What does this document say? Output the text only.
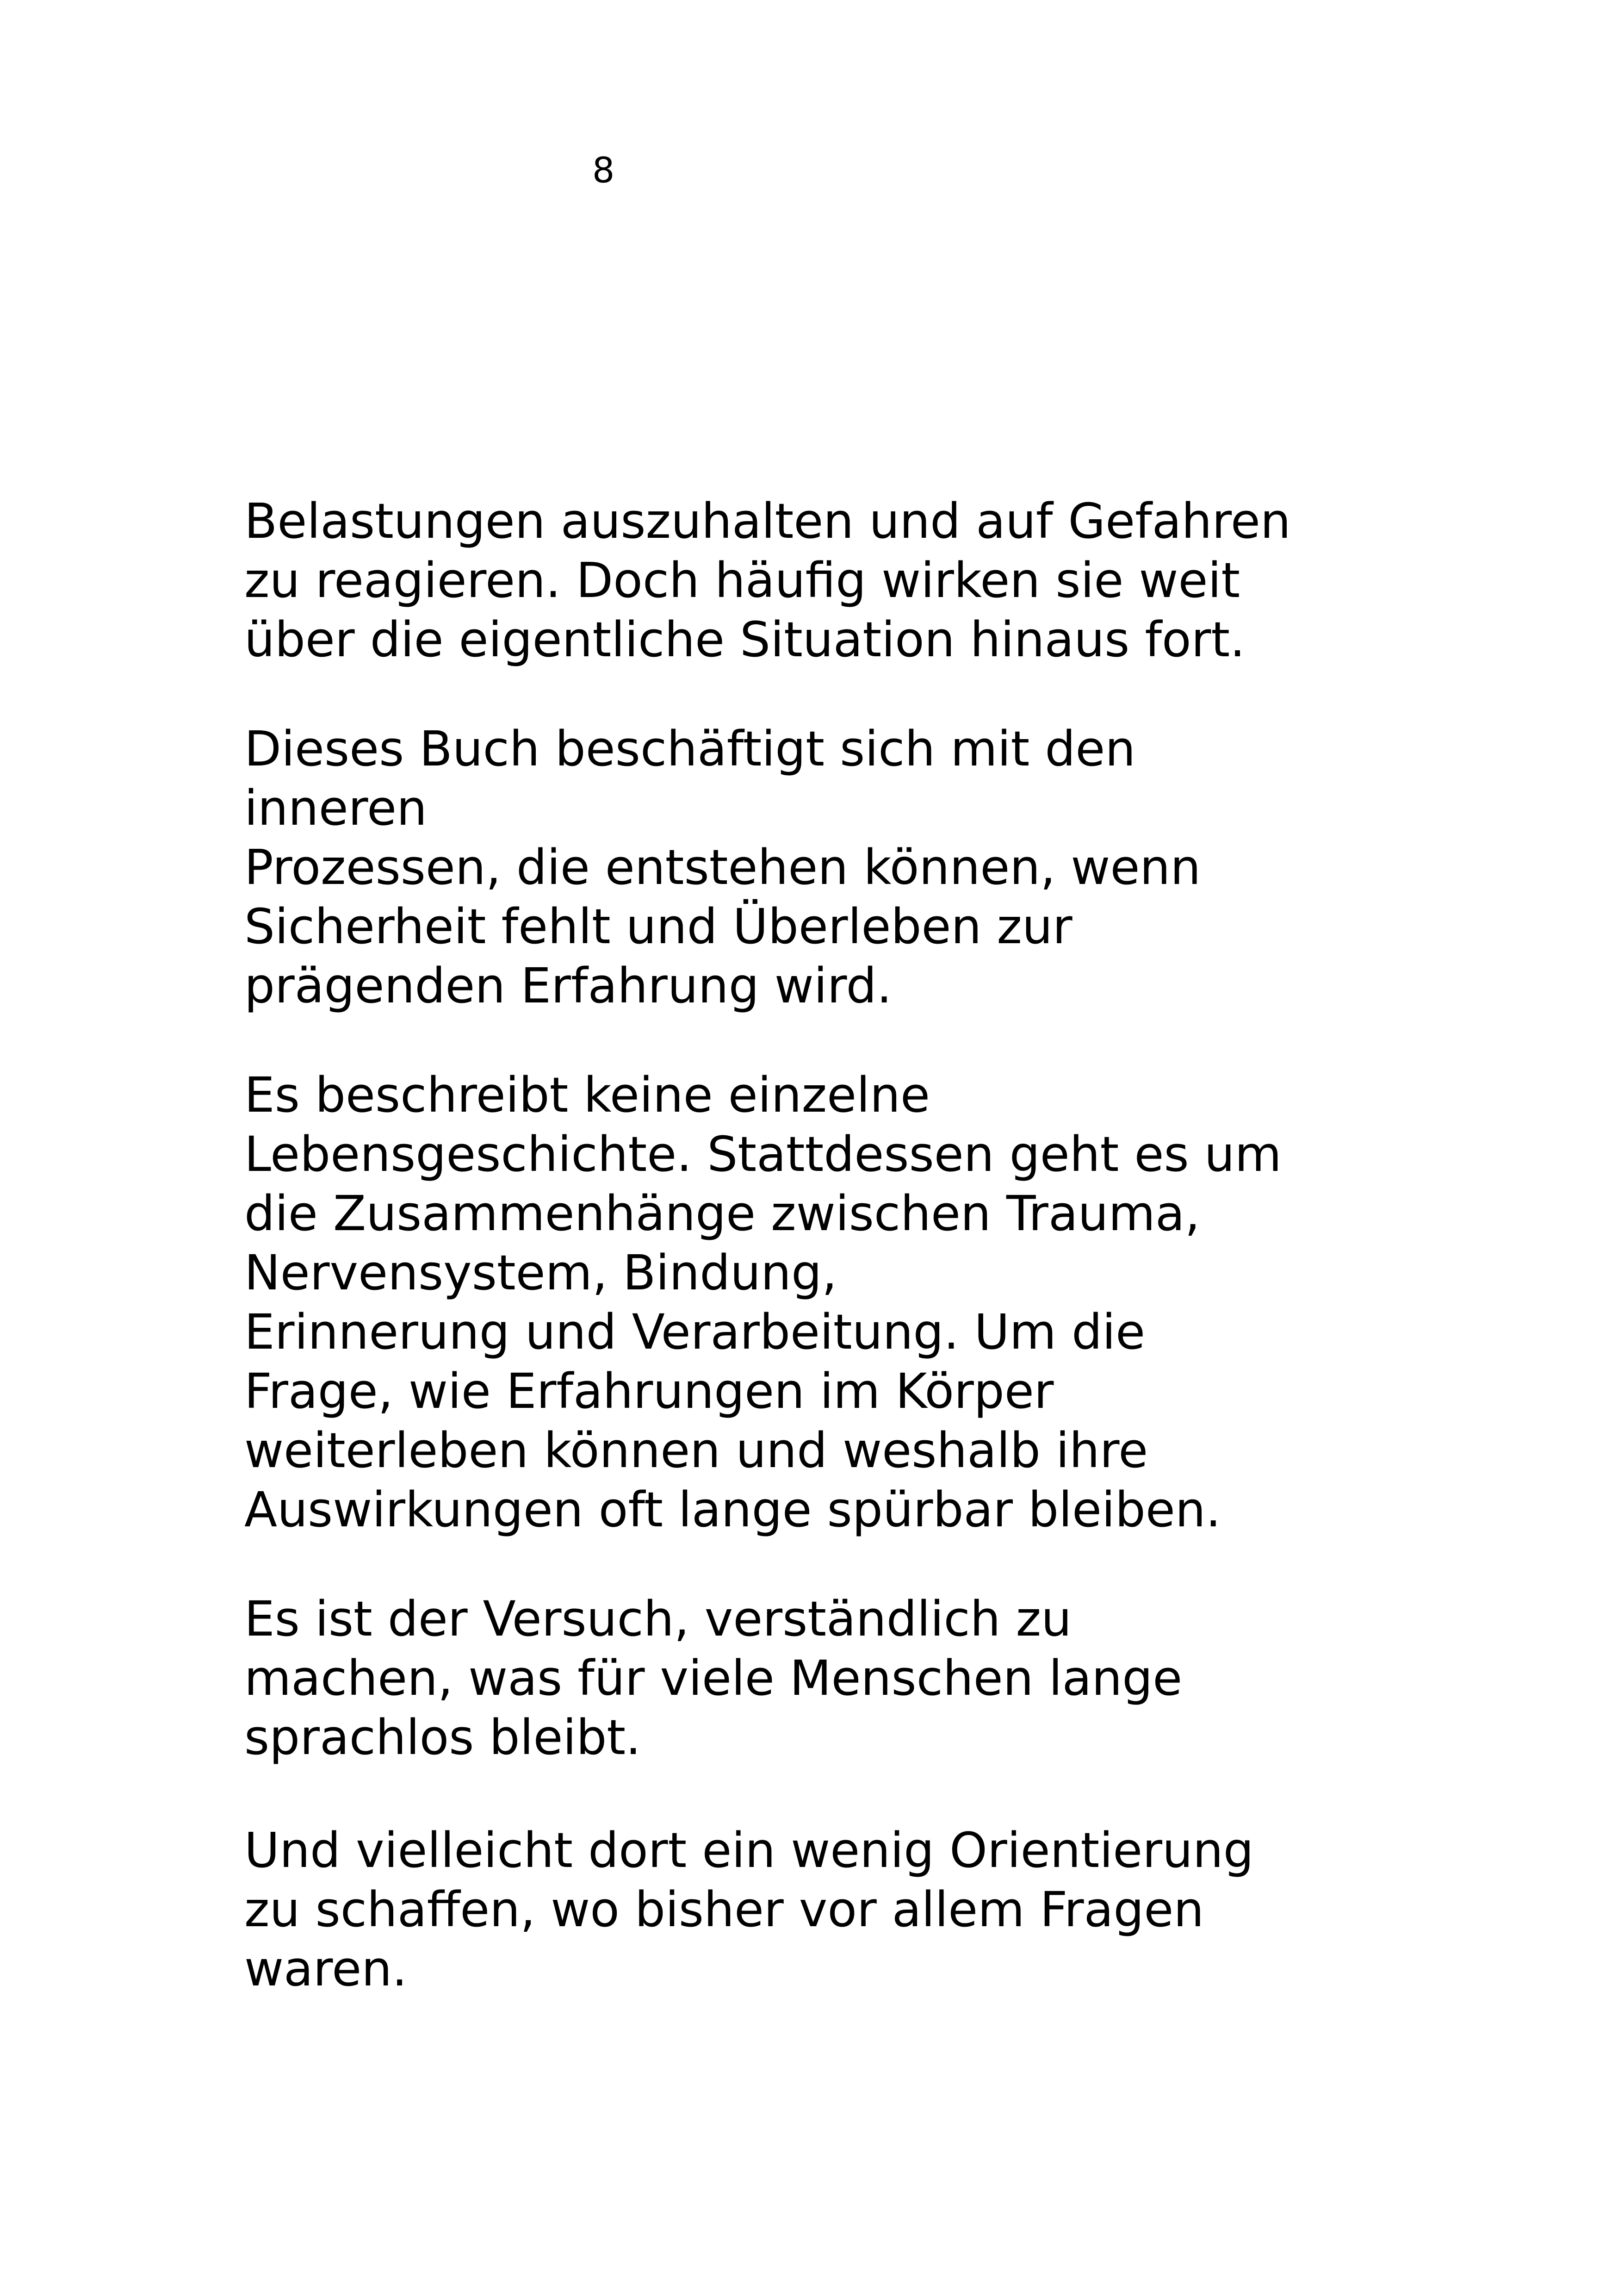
8

Belastungen auszuhalten und auf Gefahren
zu reagieren. Doch häufig wirken sie weit
über die eigentliche Situation hinaus fort.

Dieses Buch beschäftigt sich mit den
inneren
Prozessen, die entstehen können, wenn
Sicherheit fehlt und Überleben zur
prägenden Erfahrung wird.

Es beschreibt keine einzelne
Lebensgeschichte. Stattdessen geht es um
die Zusammenhänge zwischen Trauma,
Nervensystem, Bindung,
Erinnerung und Verarbeitung. Um die
Frage, wie Erfahrungen im Körper
weiterleben können und weshalb ihre
Auswirkungen oft lange spürbar bleiben.

Es ist der Versuch, verständlich zu
machen, was für viele Menschen lange
sprachlos bleibt.

Und vielleicht dort ein wenig Orientierung
zu schaffen, wo bisher vor allem Fragen
waren.
